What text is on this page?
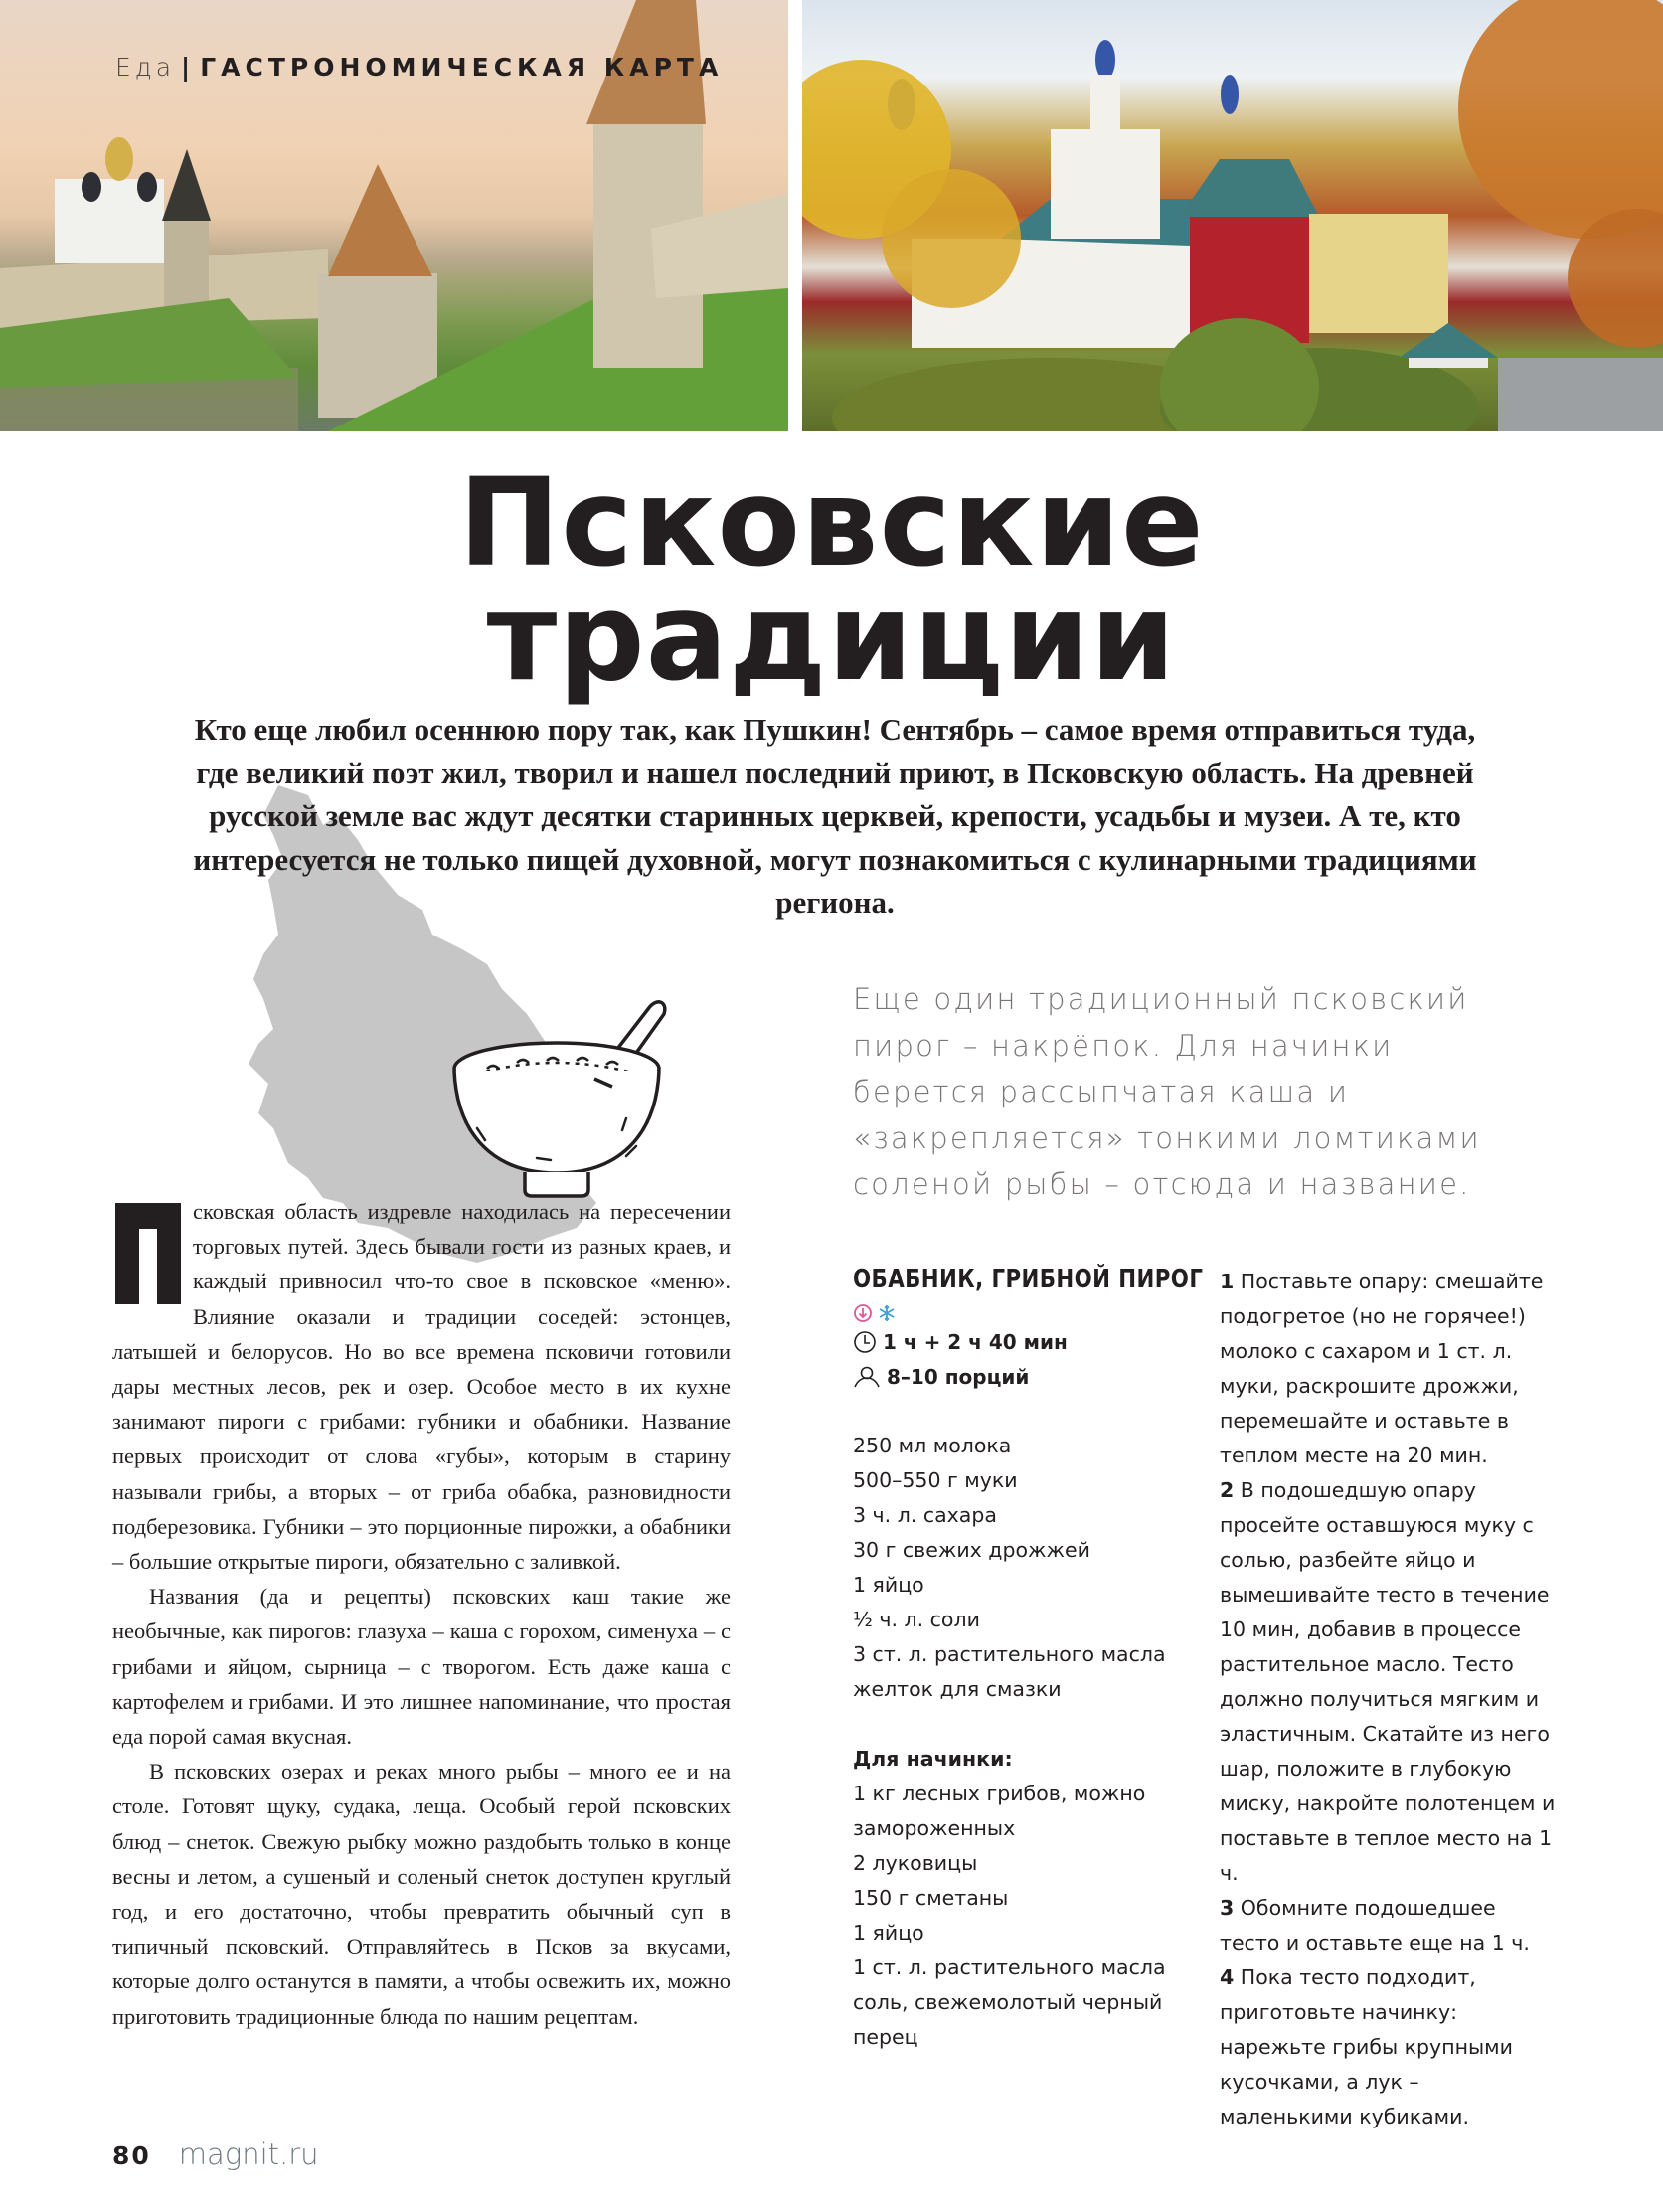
Еда | ГАСТРОНОМИЧЕСКАЯ КАРТА
Псковские
традиции
Кто еще любил осеннюю пору так, как Пушкин! Сентябрь – самое время отправиться туда, где великий поэт жил, творил и нашел последний приют, в Псковскую область. На древней русской земле вас ждут десятки старинных церквей, крепости, усадьбы и музеи. А те, кто интересуется не только пищей духовной, могут познакомиться с кулинарными традициями региона.
Еще один традиционный псковский пирог – накрёпок. Для начинки берется рассыпчатая каша и «закрепляется» тонкими ломтиками соленой рыбы – отсюда и название.

сковская область издревле находилась на пересечении торговых путей. Здесь бывали гости из разных краев, и каждый привносил что-то свое в псковское «меню». Влияние оказали и традиции соседей: эстонцев, латышей и белорусов. Но во все времена псковичи готовили дары местных лесов, рек и озер. Особое место в их кухне занимают пироги с грибами: губники и обабники. Название первых происходит от слова «губы», которым в старину называли грибы, а вторых – от гриба обабка, разновидности подберезовика. Губники – это порционные пирожки, а обабники – большие открытые пироги, обязательно с заливкой.

Названия (да и рецепты) псковских каш такие же необычные, как пирогов: глазуха – каша с горохом, сименуха – с грибами и яйцом, сырница – с творогом. Есть даже каша с картофелем и грибами. И это лишнее напоминание, что простая еда порой самая вкусная.

В псковских озерах и реках много рыбы – много ее и на столе. Готовят щуку, судака, леща. Особый герой псковских блюд – снеток. Свежую рыбку можно раздобыть только в конце весны и летом, а сушеный и соленый снеток доступен круглый год, и его достаточно, чтобы превратить обычный суп в типичный псковский. Отправляйтесь в Псков за вкусами, которые долго останутся в памяти, а чтобы освежить их, можно приготовить традиционные блюда по нашим рецептам.

ОБАБНИК, ГРИБНОЙ ПИРОГ
1 ч + 2 ч 40 мин
8–10 порций
250 мл молока
500–550 г муки
3 ч. л. сахара
30 г свежих дрожжей
1 яйцо
½ ч. л. соли
3 ст. л. растительного масла
желток для смазки
Для начинки:
1 кг лесных грибов, можно
замороженных
2 луковицы
150 г сметаны
1 яйцо
1 ст. л. растительного масла
соль, свежемолотый черный
перец

1 Поставьте опару: смешайте подогретое (но не горячее!) молоко с сахаром и 1 ст. л. муки, раскрошите дрожжи, перемешайте и оставьте в теплом месте на 20 мин.

2 В подошедшую опару просейте оставшуюся муку с солью, разбейте яйцо и вымешивайте тесто в течение 10 мин, добавив в процессе растительное масло. Тесто должно получиться мягким и эластичным. Скатайте из него шар, положите в глубокую миску, накройте полотенцем и поставьте в теплое место на 1 ч.

3 Обомните подошедшее тесто и оставьте еще на 1 ч.

4 Пока тесто подходит, приготовьте начинку: нарежьте грибы крупными кусочками, а лук – маленькими кубиками.

80 magnit.ru
